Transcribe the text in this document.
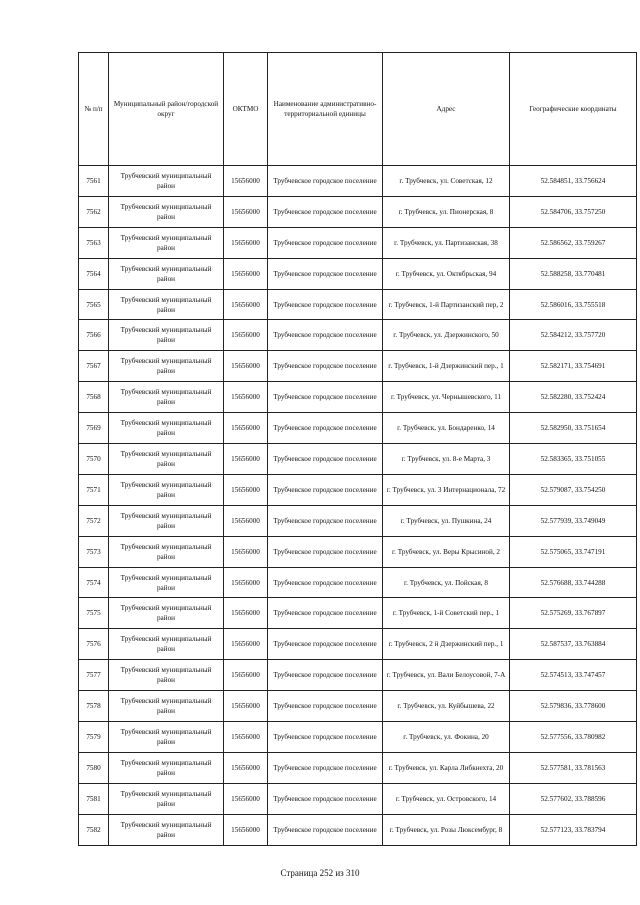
№ п/п	Муниципальный район/городской округ	ОКТМО	Наименование административно-территориальной единицы	Адрес	Географические координаты
7561	Трубчевский муниципальный район	15656000	Трубчевское городское поселение	г. Трубчевск, ул. Советская, 12	52.584851, 33.756624
7562	Трубчевский муниципальный район	15656000	Трубчевское городское поселение	г. Трубчевск, ул. Пионерская, 8	52.584706, 33.757250
7563	Трубчевский муниципальный район	15656000	Трубчевское городское поселение	г. Трубчевск, ул. Партизанская, 38	52.586562, 33.759267
7564	Трубчевский муниципальный район	15656000	Трубчевское городское поселение	г. Трубчевск, ул. Октябрьская, 94	52.588258, 33.770481
7565	Трубчевский муниципальный район	15656000	Трубчевское городское поселение	г. Трубчевск, 1-й Партизанский пер, 2	52.586016, 33.755518
7566	Трубчевский муниципальный район	15656000	Трубчевское городское поселение	г. Трубчевск, ул. Дзержинского, 50	52.584212, 33.757720
7567	Трубчевский муниципальный район	15656000	Трубчевское городское поселение	г. Трубчевск, 1-й Дзержинский пер., 1	52.582171, 33.754691
7568	Трубчевский муниципальный район	15656000	Трубчевское городское поселение	г. Трубчевск, ул. Чернышевского, 11	52.582280, 33.752424
7569	Трубчевский муниципальный район	15656000	Трубчевское городское поселение	г. Трубчевск, ул. Бондаренко, 14	52.582950, 33.751654
7570	Трубчевский муниципальный район	15656000	Трубчевское городское поселение	г. Трубчевск, ул. 8-е Марта, 3	52.583365, 33.751055
7571	Трубчевский муниципальный район	15656000	Трубчевское городское поселение	г. Трубчевск, ул. 3 Интернационала, 72	52.579087, 33.754250
7572	Трубчевский муниципальный район	15656000	Трубчевское городское поселение	г. Трубчевск, ул. Пушкина, 24	52.577939, 33.749049
7573	Трубчевский муниципальный район	15656000	Трубчевское городское поселение	г. Трубчевск, ул. Веры Крысиной, 2	52.575065, 33.747191
7574	Трубчевский муниципальный район	15656000	Трубчевское городское поселение	г. Трубчевск, ул. Пойская, 8	52.576688, 33.744288
7575	Трубчевский муниципальный район	15656000	Трубчевское городское поселение	г. Трубчевск, 1-й Советский пер., 1	52.575269, 33.767897
7576	Трубчевский муниципальный район	15656000	Трубчевское городское поселение	г. Трубчевск, 2 й Дзержинский пер., 1	52.587537, 33.763884
7577	Трубчевский муниципальный район	15656000	Трубчевское городское поселение	г. Трубчевск, ул. Вали Белоусовой, 7-А	52.574513, 33.747457
7578	Трубчевский муниципальный район	15656000	Трубчевское городское поселение	г. Трубчевск, ул. Куйбышева, 22	52.579836, 33.778600
7579	Трубчевский муниципальный район	15656000	Трубчевское городское поселение	г. Трубчевск, ул. Фокина, 20	52.577556, 33.780982
7580	Трубчевский муниципальный район	15656000	Трубчевское городское поселение	г. Трубчевск, ул. Карла Либкнехта, 20	52.577581, 33.781563
7581	Трубчевский муниципальный район	15656000	Трубчевское городское поселение	г. Трубчевск, ул. Островского, 14	52.577602, 33.788596
7582	Трубчевский муниципальный район	15656000	Трубчевское городское поселение	г. Трубчевск, ул. Розы Люксембург, 8	52.577123, 33.783794
Страница 252 из 310
